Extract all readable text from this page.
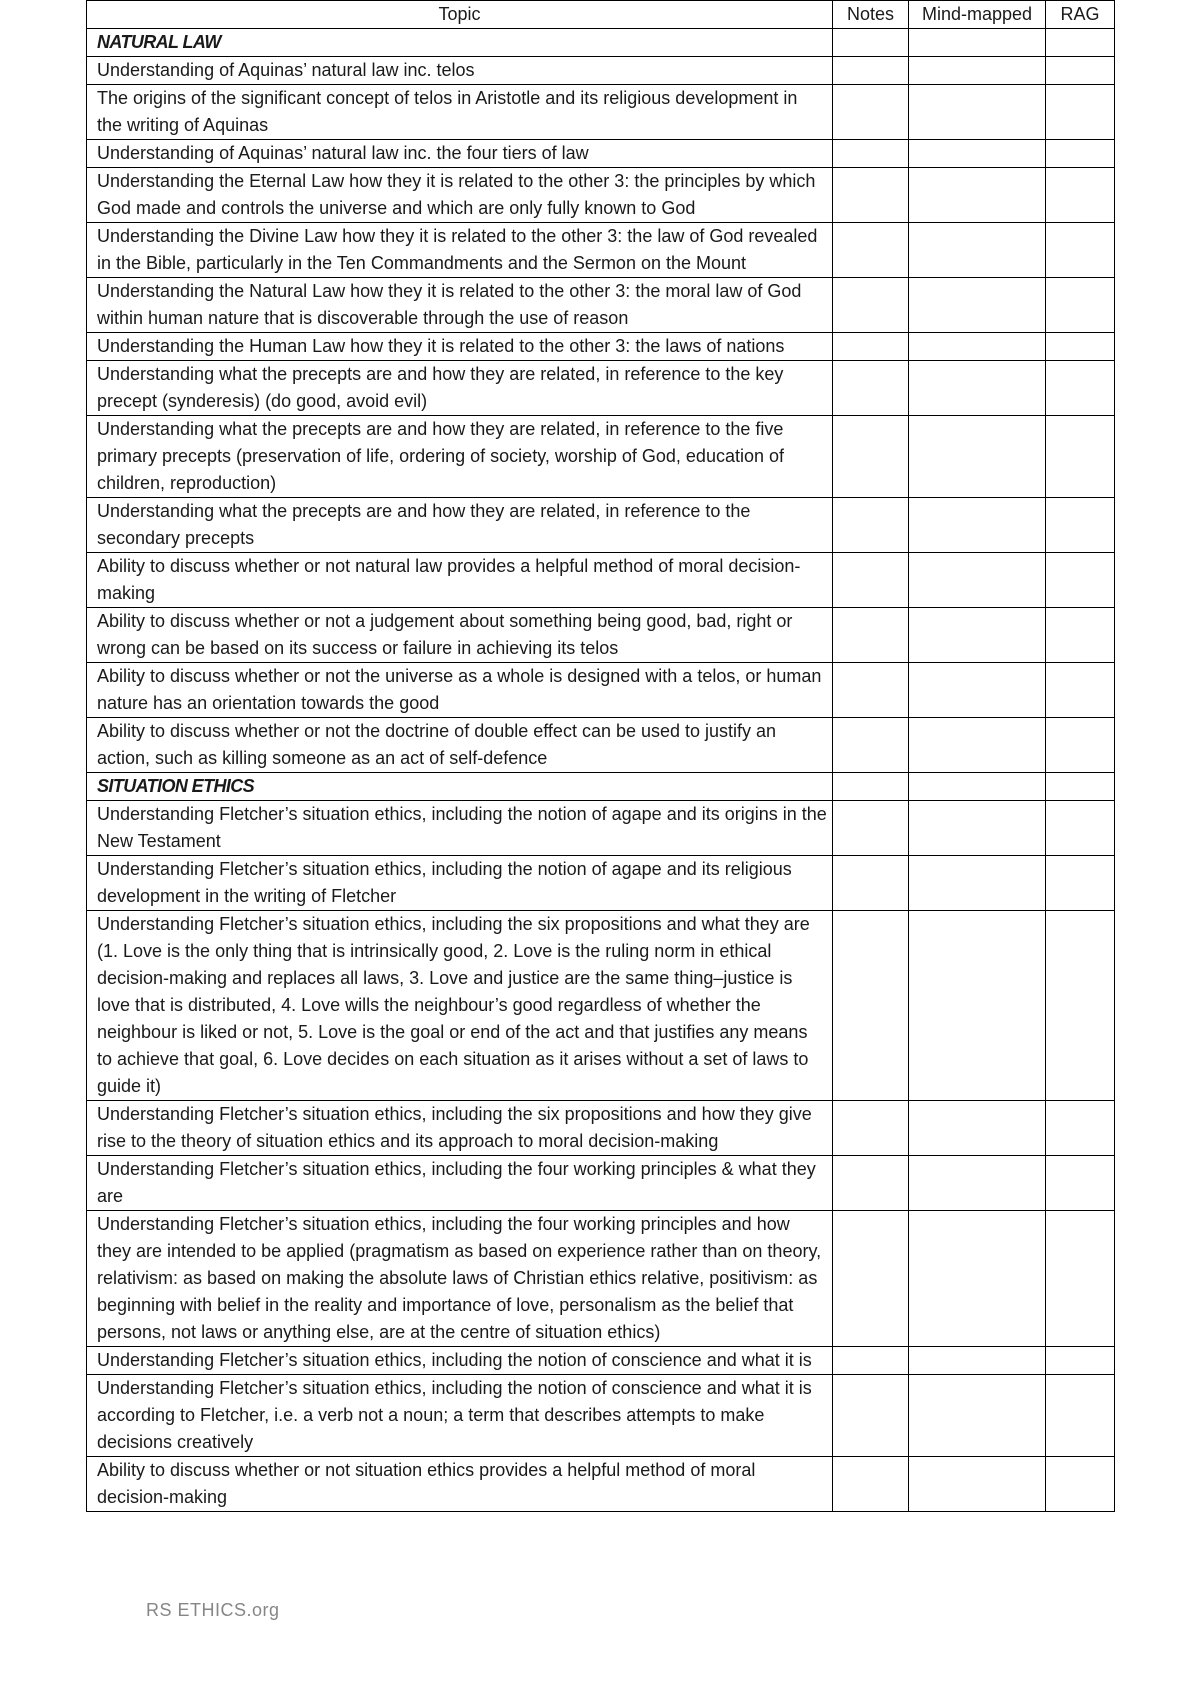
Topic	Notes	Mind-mapped	RAG
NATURAL LAW			
Understanding of Aquinas’ natural law inc. telos			
The origins of the significant concept of telos in Aristotle and its religious development in the writing of Aquinas			
Understanding of Aquinas’ natural law inc. the four tiers of law			
Understanding the Eternal Law how they it is related to the other 3: the principles by which God made and controls the universe and which are only fully known to God			
Understanding the Divine Law how they it is related to the other 3: the law of God revealed in the Bible, particularly in the Ten Commandments and the Sermon on the Mount			
Understanding the Natural Law how they it is related to the other 3: the moral law of God within human nature that is discoverable through the use of reason			
Understanding the Human Law how they it is related to the other 3: the laws of nations			
Understanding what the precepts are and how they are related, in reference to the key precept (synderesis) (do good, avoid evil)			
Understanding what the precepts are and how they are related, in reference to the five primary precepts (preservation of life, ordering of society, worship of God, education of children, reproduction)			
Understanding what the precepts are and how they are related, in reference to the secondary precepts			
Ability to discuss whether or not natural law provides a helpful method of moral decision-making			
Ability to discuss whether or not a judgement about something being good, bad, right or wrong can be based on its success or failure in achieving its telos			
Ability to discuss whether or not the universe as a whole is designed with a telos, or human nature has an orientation towards the good			
Ability to discuss whether or not the doctrine of double effect can be used to justify an action, such as killing someone as an act of self-defence			
SITUATION ETHICS			
Understanding Fletcher’s situation ethics, including the notion of agape and its origins in the New Testament			
Understanding Fletcher’s situation ethics, including the notion of agape and its religious development in the writing of Fletcher			
Understanding Fletcher’s situation ethics, including the six propositions and what they are (1. Love is the only thing that is intrinsically good, 2. Love is the ruling norm in ethical decision-making and replaces all laws, 3. Love and justice are the same thing–justice is love that is distributed, 4. Love wills the neighbour’s good regardless of whether the neighbour is liked or not, 5. Love is the goal or end of the act and that justifies any means to achieve that goal, 6. Love decides on each situation as it arises without a set of laws to guide it)			
Understanding Fletcher’s situation ethics, including the six propositions and how they give rise to the theory of situation ethics and its approach to moral decision-making			
Understanding Fletcher’s situation ethics, including the four working principles & what they are			
Understanding Fletcher’s situation ethics, including the four working principles and how they are intended to be applied (pragmatism as based on experience rather than on theory, relativism: as based on making the absolute laws of Christian ethics relative, positivism: as beginning with belief in the reality and importance of love, personalism as the belief that persons, not laws or anything else, are at the centre of situation ethics)			
Understanding Fletcher’s situation ethics, including the notion of conscience and what it is			
Understanding Fletcher’s situation ethics, including the notion of conscience and what it is according to Fletcher, i.e. a verb not a noun; a term that describes attempts to make decisions creatively			
Ability to discuss whether or not situation ethics provides a helpful method of moral decision-making			
RS ETHICS.org
